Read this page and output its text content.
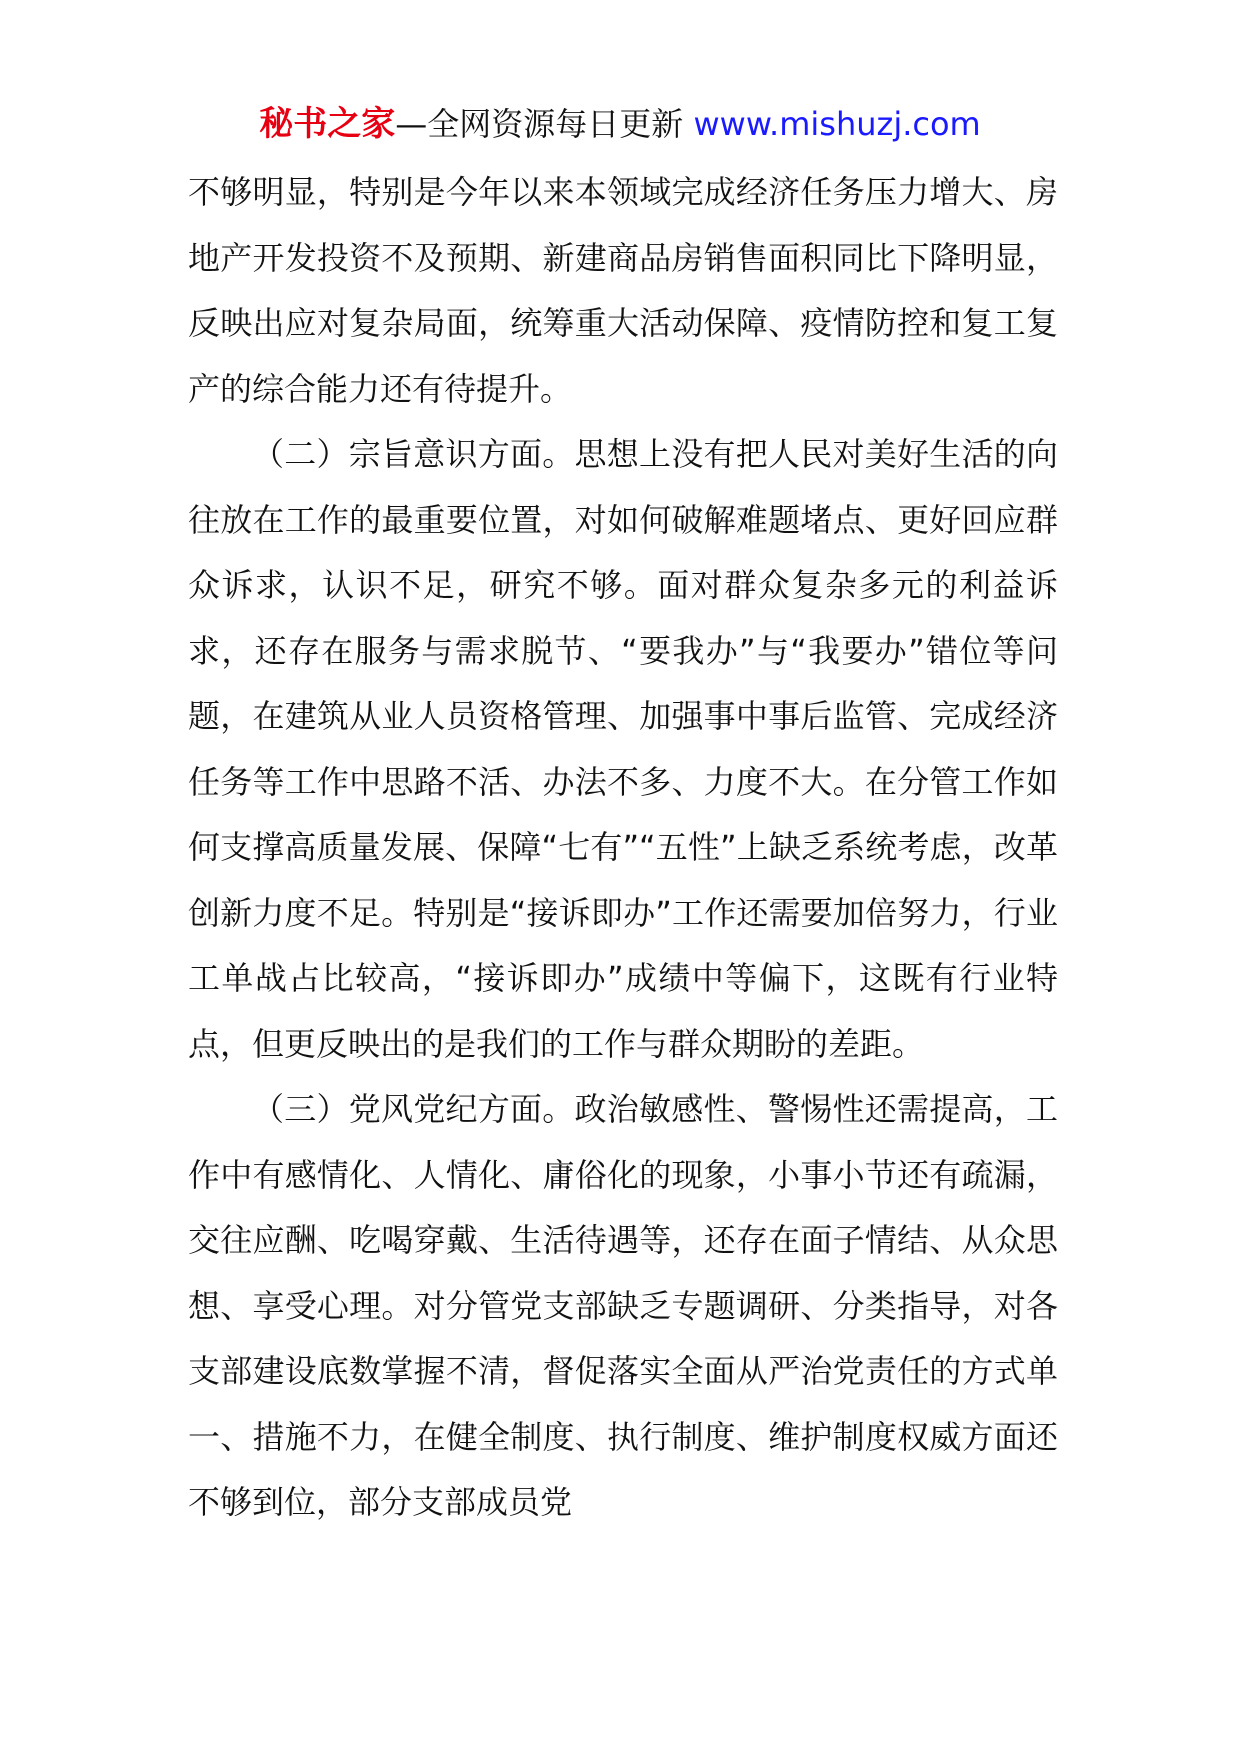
秘书之家—全网资源每日更新 www.mishuzj.com

不够明显，特别是今年以来本领域完成经济任务压力增大、房地产开发投资不及预期、新建商品房销售面积同比下降明显，反映出应对复杂局面，统筹重大活动保障、疫情防控和复工复产的综合能力还有待提升。

（二）宗旨意识方面。思想上没有把人民对美好生活的向往放在工作的最重要位置，对如何破解难题堵点、更好回应群众诉求，认识不足，研究不够。面对群众复杂多元的利益诉求，还存在服务与需求脱节、“要我办”与“我要办”错位等问题，在建筑从业人员资格管理、加强事中事后监管、完成经济任务等工作中思路不活、办法不多、力度不大。在分管工作如何支撑高质量发展、保障“七有”“五性”上缺乏系统考虑，改革创新力度不足。特别是“接诉即办”工作还需要加倍努力，行业工单战占比较高，“接诉即办”成绩中等偏下，这既有行业特点，但更反映出的是我们的工作与群众期盼的差距。

（三）党风党纪方面。政治敏感性、警惕性还需提高，工作中有感情化、人情化、庸俗化的现象，小事小节还有疏漏，交往应酬、吃喝穿戴、生活待遇等，还存在面子情结、从众思想、享受心理。对分管党支部缺乏专题调研、分类指导，对各支部建设底数掌握不清，督促落实全面从严治党责任的方式单一、措施不力，在健全制度、执行制度、维护制度权威方面还不够到位，部分支部成员党
